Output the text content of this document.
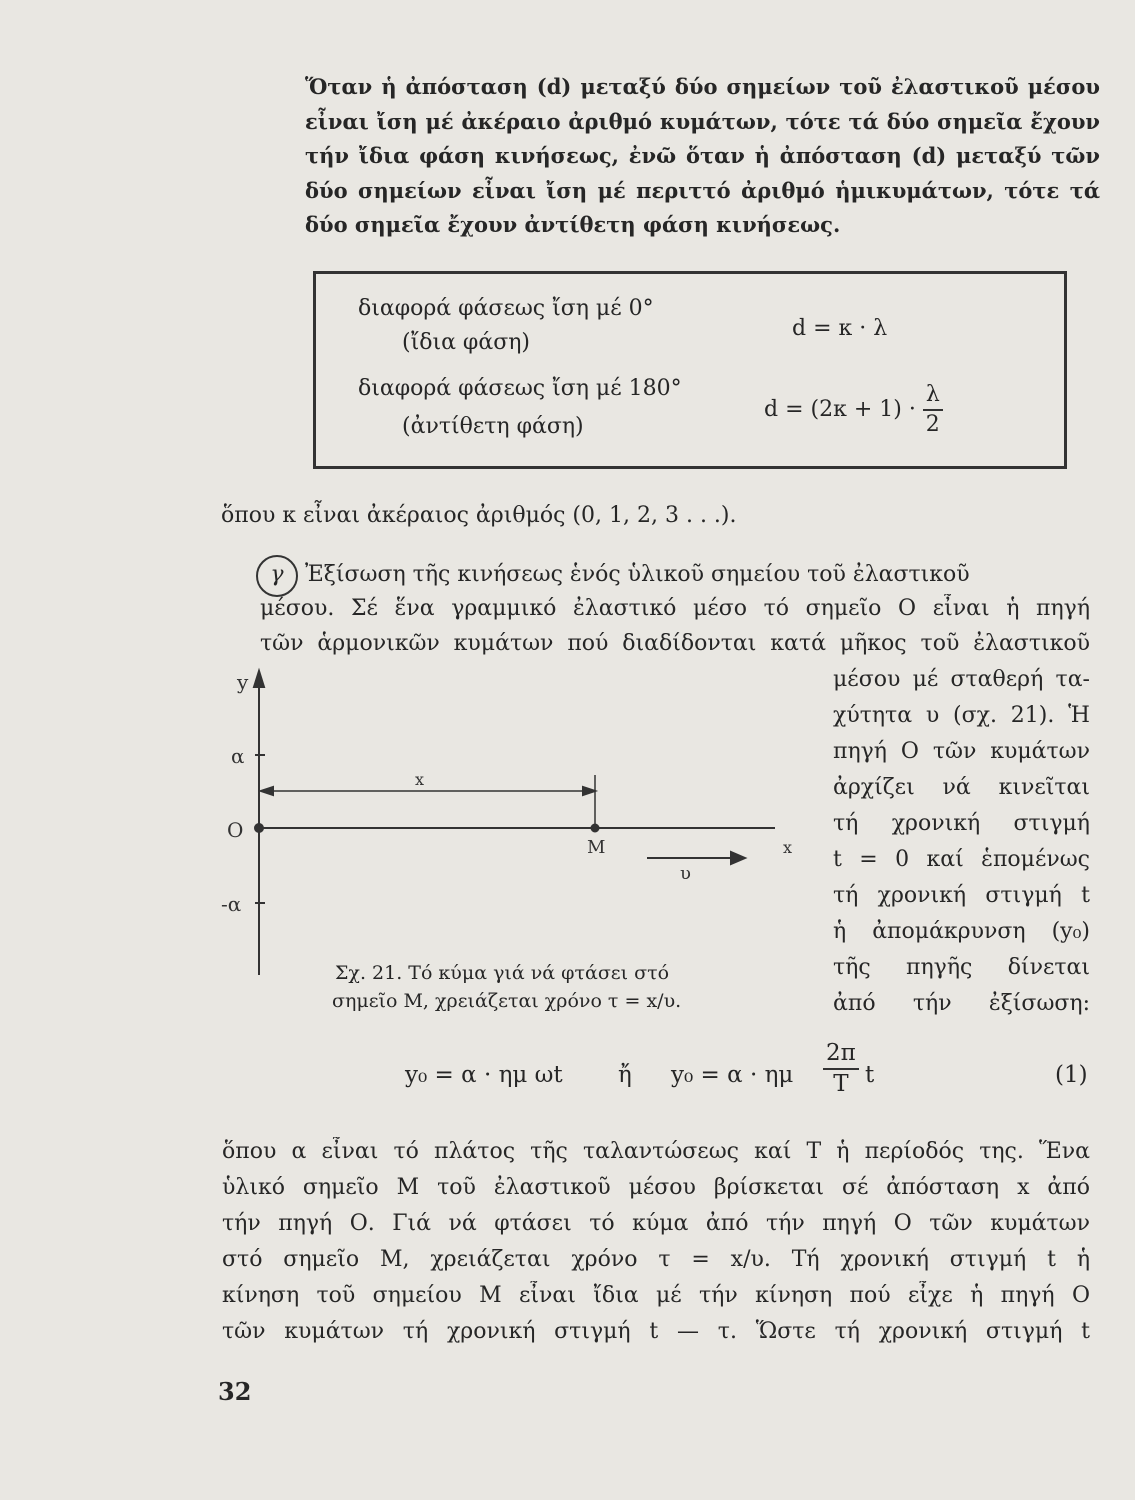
Ὅταν ἡ ἀπόσταση (d) μεταξύ δύο σημείων τοῦ ἐλαστικοῦ μέσου
εἶναι ἴση μέ ἀκέραιο ἀριθμό κυμάτων, τότε τά δύο σημεῖα ἔχουν
τήν ἴδια φάση κινήσεως, ἐνῶ ὅταν ἡ ἀπόσταση (d) μεταξύ τῶν
δύο σημείων εἶναι ἴση μέ περιττό ἀριθμό ἡμικυμάτων, τότε τά
δύο σημεῖα ἔχουν ἀντίθετη φάση κινήσεως.
διαφορά φάσεως ἴση μέ 0°
(ἴδια φάση)
d = κ · λ
διαφορά φάσεως ἴση μέ 180°
(ἀντίθετη φάση)
$d = (2\kappa + 1) \cdot \frac{\lambda}{2}$
ὅπου κ εἶναι ἀκέραιος ἀριθμός (0, 1, 2, 3 . . .).
γ Ἐξίσωση τῆς κινήσεως ἑνός ὑλικοῦ σημείου τοῦ ἐλαστικοῦ
μέσου. Σέ ἕνα γραμμικό ἐλαστικό μέσο τό σημεῖο Ο εἶναι ἡ πηγή
τῶν ἁρμονικῶν κυμάτων πού διαδίδονται κατά μῆκος τοῦ ἐλαστικοῦ
μέσου μέ σταθερή τα-
χύτητα υ (σχ. 21). Ἡ
πηγή Ο τῶν κυμάτων
ἀρχίζει νά κινεῖται
τή χρονική στιγμή
t = 0 καί ἑπομένως
τή χρονική στιγμή t
ἡ ἀπομάκρυνση (y₀)
τῆς πηγῆς δίνεται
ἀπό τήν ἐξίσωση:
y
x
α
-α
O
M
x
υ
Σχ. 21. Τό κύμα γιά νά φτάσει στό
σημεῖο Μ, χρειάζεται χρόνο τ = x/υ.
y₀ = α · ημ ωt ἤ y₀ = α · ημ $\frac{2\pi}{T}$ t	(1)
ὅπου α εἶναι τό πλάτος τῆς ταλαντώσεως καί Τ ἡ περίοδός της. Ἕνα
ὑλικό σημεῖο Μ τοῦ ἐλαστικοῦ μέσου βρίσκεται σέ ἀπόσταση x ἀπό
τήν πηγή Ο. Γιά νά φτάσει τό κύμα ἀπό τήν πηγή Ο τῶν κυμάτων
στό σημεῖο Μ, χρειάζεται χρόνο τ = x/υ. Τή χρονική στιγμή t ἡ
κίνηση τοῦ σημείου Μ εἶναι ἴδια μέ τήν κίνηση πού εἶχε ἡ πηγή Ο
τῶν κυμάτων τή χρονική στιγμή t — τ. Ὥστε τή χρονική στιγμή t
32
